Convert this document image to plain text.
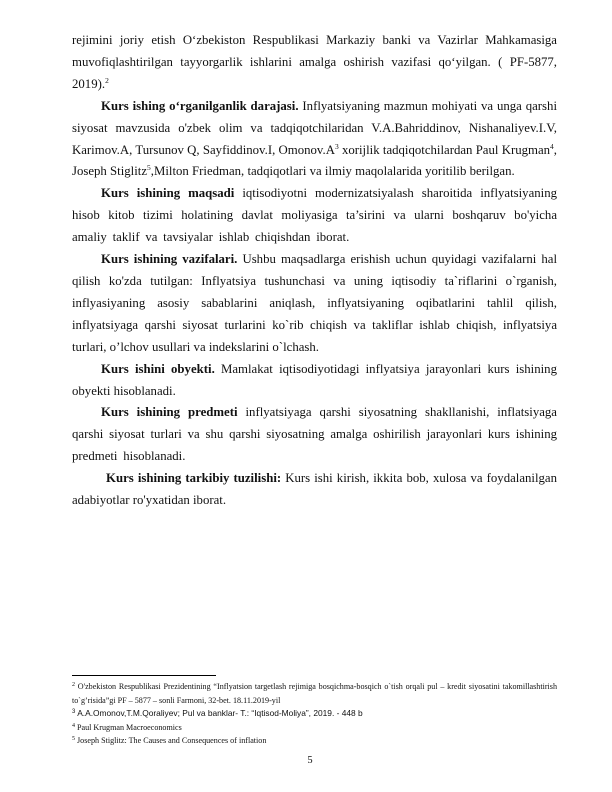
rejimini joriy etish O‘zbekiston Respublikasi Markaziy banki va Vazirlar Mahkamasiga muvofiqlashtirilgan tayyorgarlik ishlarini amalga oshirish vazifasi qo‘yilgan. ( PF-5877, 2019).$^2$

Kurs ishing o‘rganilganlik darajasi. Inflyatsiyaning mazmun mohiyati va unga qarshi siyosat mavzusida o'zbek olim va tadqiqotchilaridan V.A.Bahriddinov, Nishanaliyev.I.V, Karimov.A, Tursunov Q, Sayfiddinov.I, $Omonov.A^3$ xorijlik tadqiqotchilardan Paul Krugman$^4$, Joseph Stiglitz$^5$,Milton Friedman, tadqiqotlari va ilmiy maqolalarida yoritilib berilgan.

Kurs ishining maqsadi iqtisodiyotni modernizatsiyalash sharoitida inflyatsiyaning hisob kitob tizimi holatining davlat moliyasiga ta’sirini va ularni boshqaruv bo'yicha amaliy taklif va tavsiyalar ishlab chiqishdan iborat.

Kurs ishining vazifalari. Ushbu maqsadlarga erishish uchun quyidagi vazifalarni hal qilish ko'zda tutilgan: Inflyatsiya tushunchasi va uning iqtisodiy ta`riflarini o`rganish, inflyasiyaning asosiy sabablarini aniqlash, inflyatsiyaning oqibatlarini tahlil qilish, inflyatsiyaga qarshi siyosat turlarini ko`rib chiqish va takliflar ishlab chiqish, inflyatsiya turlari, o’lchov usullari va indekslarini o`lchash.

Kurs ishini obyekti. Mamlakat iqtisodiyotidagi inflyatsiya jarayonlari kurs ishining obyekti hisoblanadi.

Kurs ishining predmeti inflyatsiyaga qarshi siyosatning shakllanishi, inflatsiyaga qarshi siyosat turlari va shu qarshi siyosatning amalga oshirilish jarayonlari kurs ishining predmeti hisoblanadi.

Kurs ishining tarkibiy tuzilishi: Kurs ishi kirish, ikkita bob, xulosa va foydalanilgan adabiyotlar ro'yxatidan iborat.

$^2$ O'zbekiston Respublikasi Prezidentining “Inflyatsion targetlash rejimiga bosqichma-bosqich o`tish orqali pul – kredit siyosatini takomillashtirish to`g’risida”gi PF – 5877 – sonli Farmoni, 32-bet. 18.11.2019-yil

$^3$ A.A.Omonov,T.M.Qoraliyev; Pul va banklar- T.: “Iqtisod-Moliya”, 2019. - 448 b

$^4$ Paul Krugman Macroeconomics

$^5$ Joseph Stiglitz: The Causes and Consequences of inflation

5
